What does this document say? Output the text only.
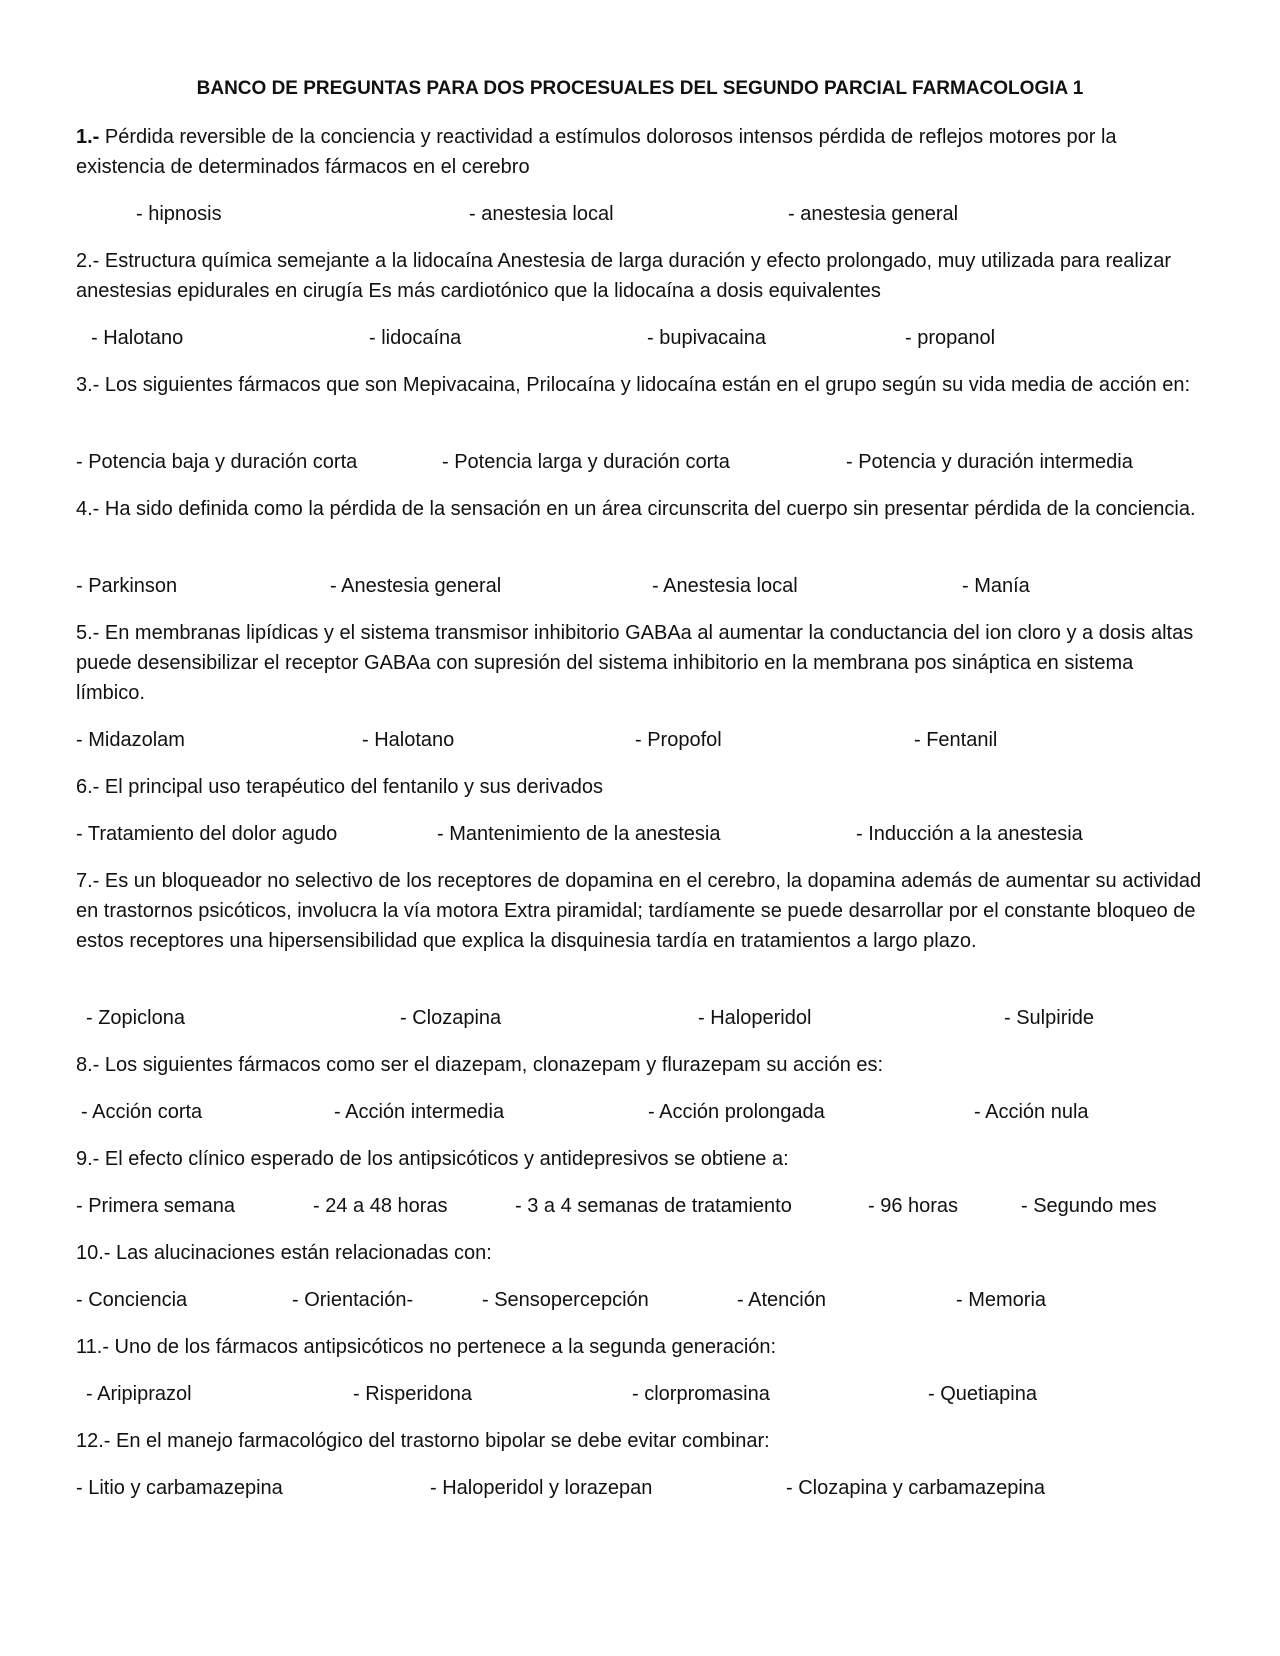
BANCO DE PREGUNTAS PARA DOS PROCESUALES DEL SEGUNDO PARCIAL FARMACOLOGIA 1
1.- Pérdida reversible de la conciencia y reactividad a estímulos dolorosos intensos pérdida de reflejos motores por la existencia de determinados fármacos en el cerebro
- hipnosis	- anestesia local	- anestesia general
2.- Estructura química semejante a la lidocaína Anestesia de larga duración y efecto prolongado, muy utilizada para realizar anestesias epidurales en cirugía Es más cardiotónico que la lidocaína a dosis equivalentes
- Halotano	- lidocaína	- bupivacaina	- propanol
3.- Los siguientes fármacos que son Mepivacaina, Prilocaína y lidocaína están en el grupo según su vida media de acción en:
- Potencia baja y duración corta	- Potencia larga y duración corta	- Potencia y duración intermedia
4.- Ha sido definida como la pérdida de la sensación en un área circunscrita del cuerpo sin presentar pérdida de la conciencia.
- Parkinson	- Anestesia general	- Anestesia local	- Manía
5.- En membranas lipídicas y el sistema transmisor inhibitorio GABAa al aumentar la conductancia del ion cloro y a dosis altas puede desensibilizar el receptor GABAa con supresión del sistema inhibitorio en la membrana pos sináptica en sistema límbico.
- Midazolam	- Halotano	- Propofol	- Fentanil
6.- El principal uso terapéutico del fentanilo y sus derivados
- Tratamiento del dolor agudo	- Mantenimiento de la anestesia	- Inducción a la anestesia
7.- Es un bloqueador no selectivo de los receptores de dopamina en el cerebro, la dopamina además de aumentar su actividad en trastornos psicóticos, involucra la vía motora Extra piramidal; tardíamente se puede desarrollar por el constante bloqueo de estos receptores una hipersensibilidad que explica la disquinesia tardía en tratamientos a largo plazo.
- Zopiclona	- Clozapina	- Haloperidol	- Sulpiride
8.- Los siguientes fármacos como ser el diazepam, clonazepam y flurazepam su acción es:
- Acción corta	- Acción intermedia	- Acción prolongada	- Acción nula
9.- El efecto clínico esperado de los antipsicóticos y antidepresivos se obtiene a:
- Primera semana	- 24 a 48 horas	- 3 a 4 semanas de tratamiento	- 96 horas	- Segundo mes
10.- Las alucinaciones están relacionadas con:
- Conciencia	- Orientación-	- Sensopercepción	- Atención	- Memoria
11.- Uno de los fármacos antipsicóticos no pertenece a la segunda generación:
- Aripiprazol	- Risperidona	- clorpromasina	- Quetiapina
12.- En el manejo farmacológico del trastorno bipolar se debe evitar combinar:
- Litio y carbamazepina	- Haloperidol y lorazepan	- Clozapina y carbamazepina
